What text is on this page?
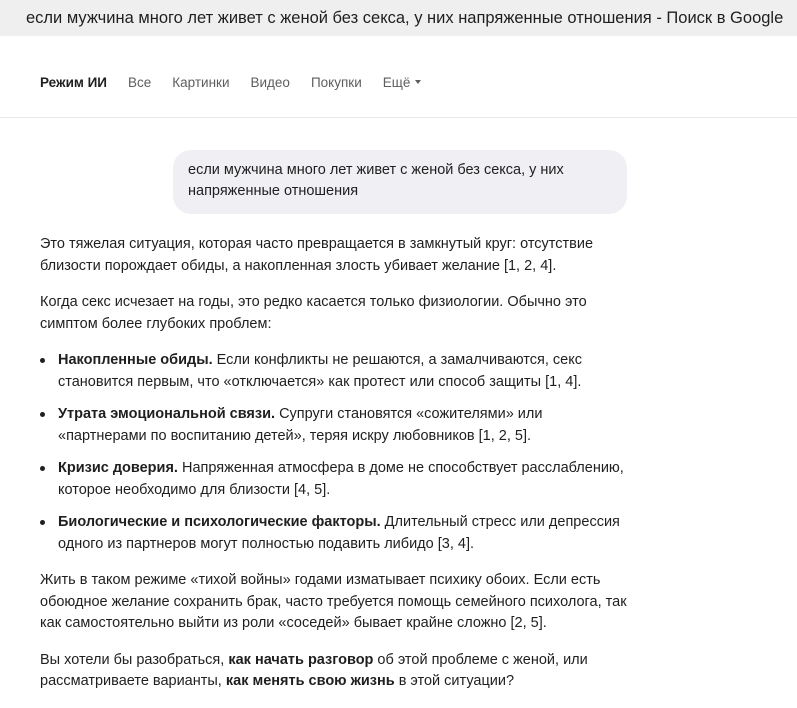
если мужчина много лет живет с женой без секса, у них напряженные отношения - Поиск в Google
Режим ИИ Все Картинки Видео Покупки Ещё
если мужчина много лет живет с женой без секса, у них напряженные отношения

Это тяжелая ситуация, которая часто превращается в замкнутый круг: отсутствие близости порождает обиды, а накопленная злость убивает желание [1, 2, 4].

Когда секс исчезает на годы, это редко касается только физиологии. Обычно это симптом более глубоких проблем:

Накопленные обиды. Если конфликты не решаются, а замалчиваются, секс становится первым, что «отключается» как протест или способ защиты [1, 4].
Утрата эмоциональной связи. Супруги становятся «сожителями» или «партнерами по воспитанию детей», теряя искру любовников [1, 2, 5].
Кризис доверия. Напряженная атмосфера в доме не способствует расслаблению, которое необходимо для близости [4, 5].
Биологические и психологические факторы. Длительный стресс или депрессия одного из партнеров могут полностью подавить либидо [3, 4].

Жить в таком режиме «тихой войны» годами изматывает психику обоих. Если есть обоюдное желание сохранить брак, часто требуется помощь семейного психолога, так как самостоятельно выйти из роли «соседей» бывает крайне сложно [2, 5].

Вы хотели бы разобраться, как начать разговор об этой проблеме с женой, или рассматриваете варианты, как менять свою жизнь в этой ситуации?
